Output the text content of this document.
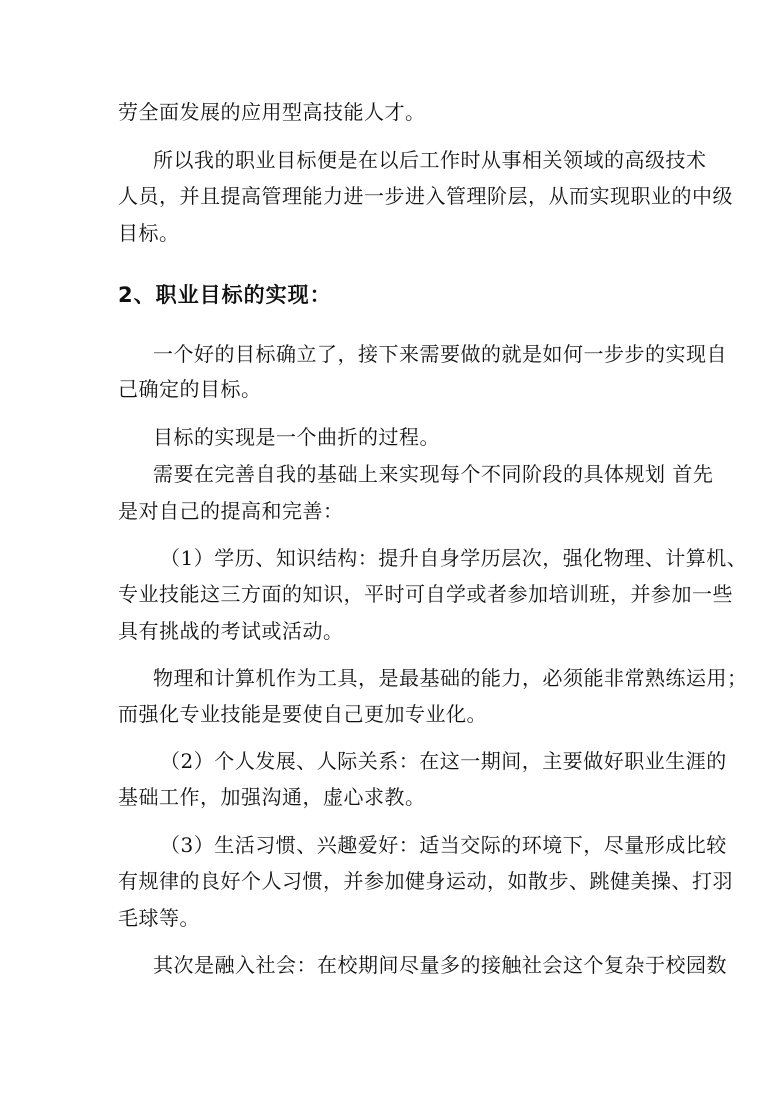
劳全面发展的应用型高技能人才。
所以我的职业目标便是在以后工作时从事相关领域的高级技术
人员，并且提高管理能力进一步进入管理阶层，从而实现职业的中级
目标。
2、职业目标的实现：
一个好的目标确立了，接下来需要做的就是如何一步步的实现自
己确定的目标。
目标的实现是一个曲折的过程。
需要在完善自我的基础上来实现每个不同阶段的具体规划 首先
是对自己的提高和完善：
（1）学历、知识结构：提升自身学历层次，强化物理、计算机、
专业技能这三方面的知识，平时可自学或者参加培训班，并参加一些
具有挑战的考试或活动。
物理和计算机作为工具，是最基础的能力，必须能非常熟练运用；
而强化专业技能是要使自己更加专业化。
（2）个人发展、人际关系：在这一期间，主要做好职业生涯的
基础工作，加强沟通，虚心求教。
（3）生活习惯、兴趣爱好：适当交际的环境下，尽量形成比较
有规律的良好个人习惯，并参加健身运动，如散步、跳健美操、打羽
毛球等。
其次是融入社会：在校期间尽量多的接触社会这个复杂于校园数
